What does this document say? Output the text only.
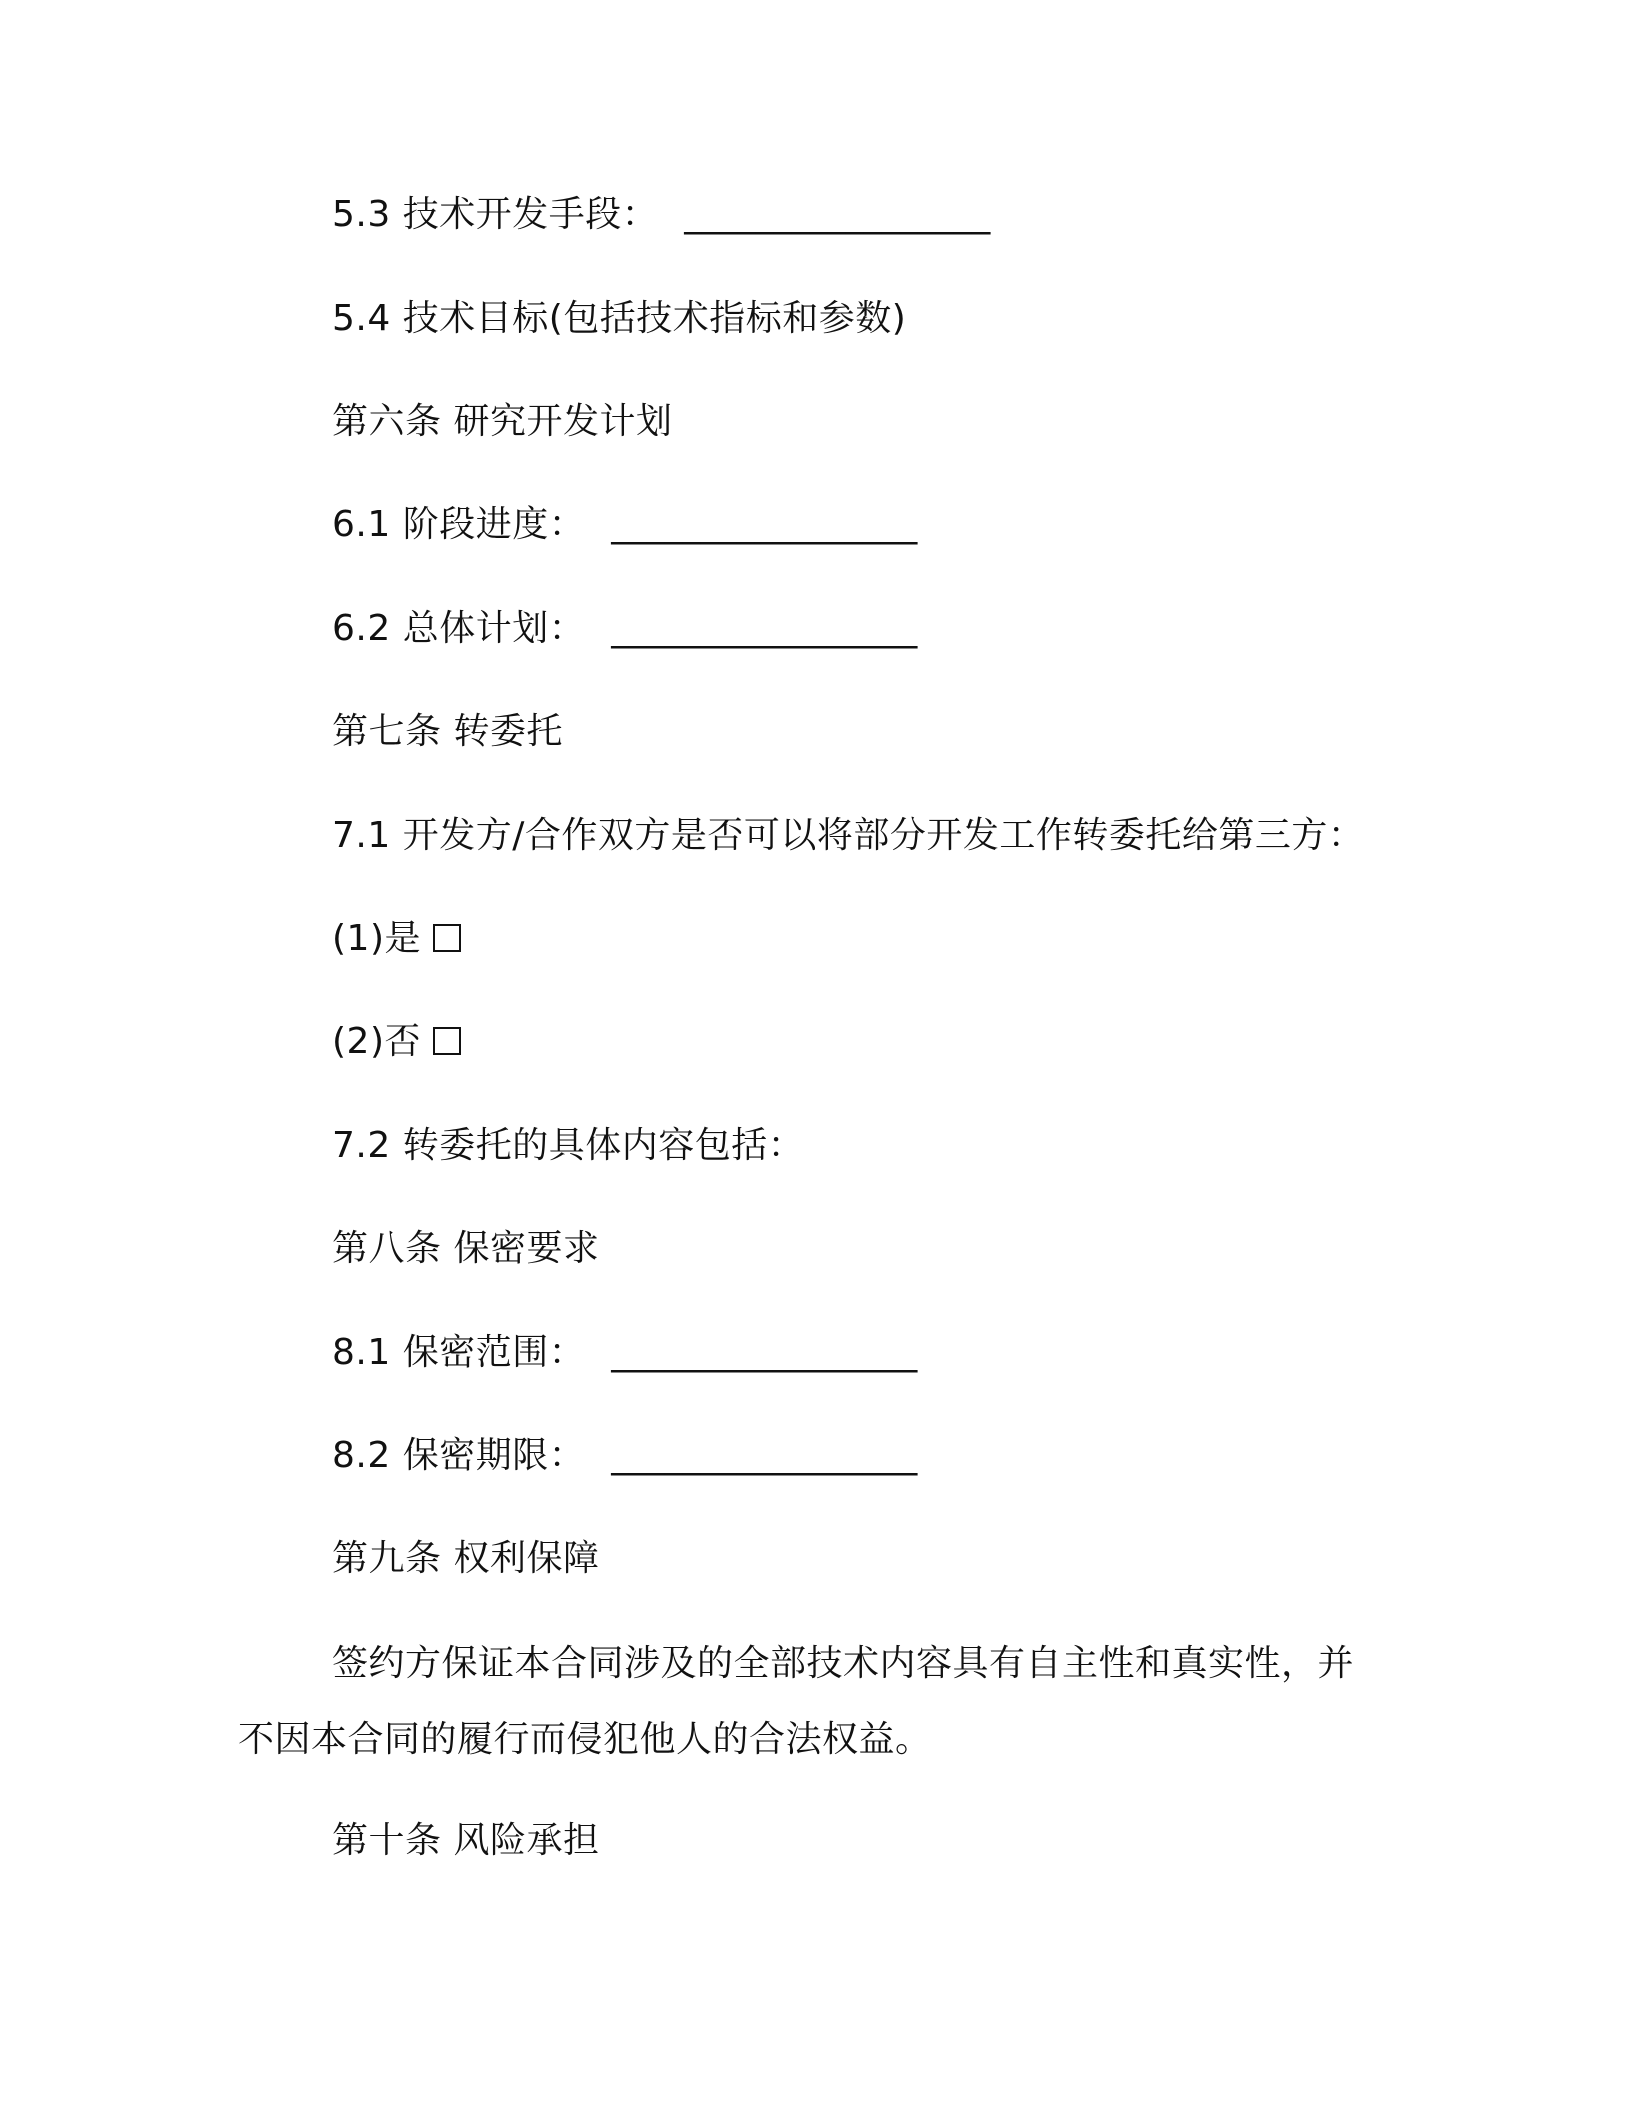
5.3 技术开发手段： _________________
5.4 技术目标(包括技术指标和参数)
第六条 研究开发计划
6.1 阶段进度： _________________
6.2 总体计划： _________________
第七条 转委托
7.1 开发方/合作双方是否可以将部分开发工作转委托给第三方：
(1)是
(2)否
7.2 转委托的具体内容包括：
第八条 保密要求
8.1 保密范围： _________________
8.2 保密期限： _________________
第九条 权利保障
签约方保证本合同涉及的全部技术内容具有自主性和真实性，并不因本合同的履行而侵犯他人的合法权益。
第十条 风险承担
